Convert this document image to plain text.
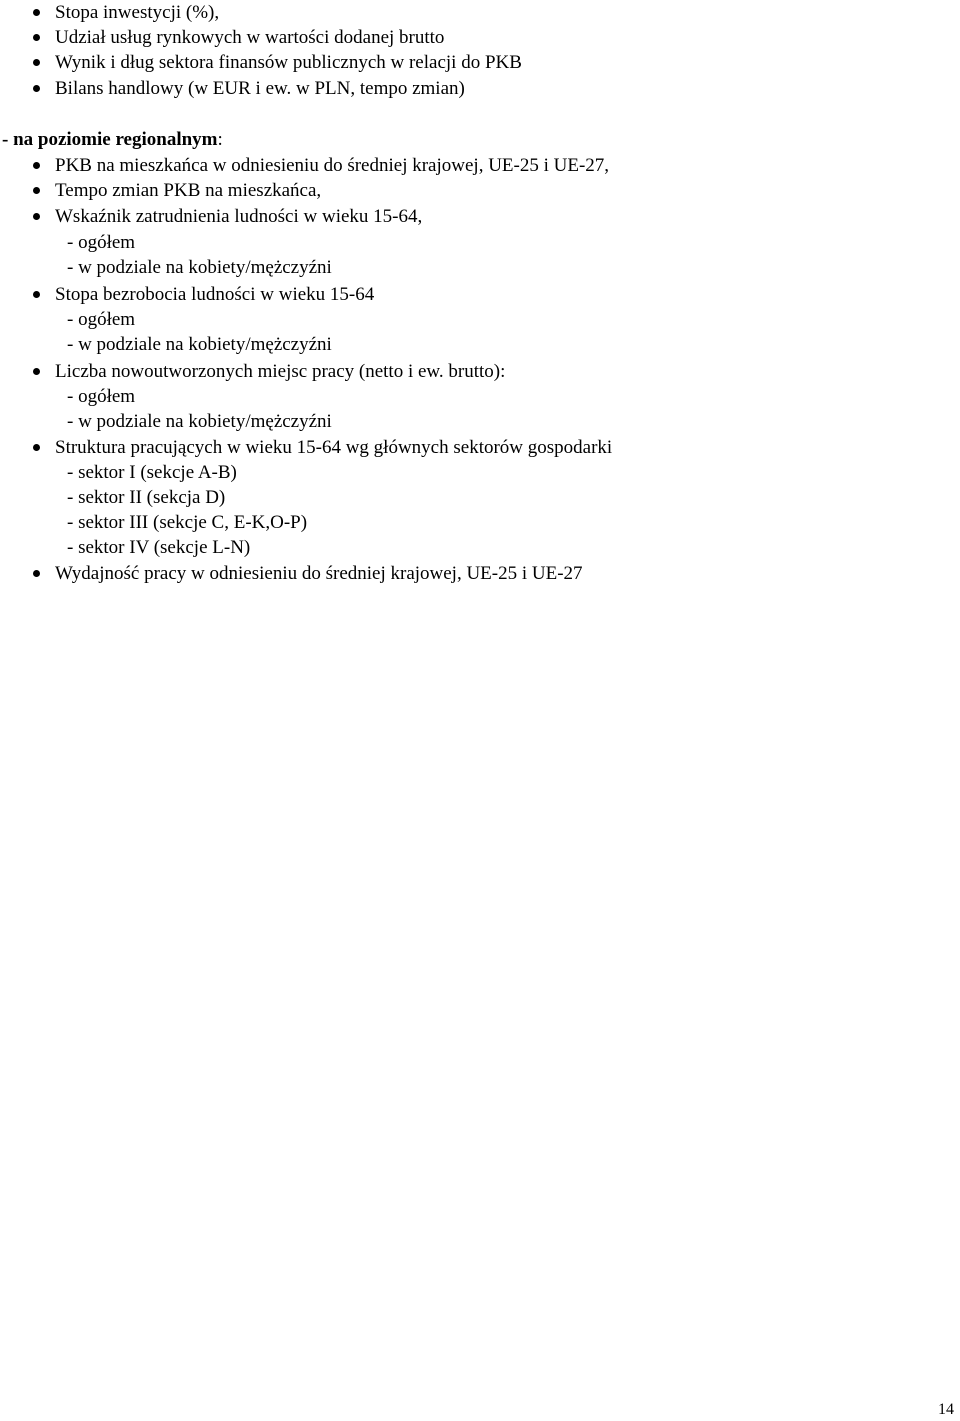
Stopa inwestycji (%),
Udział usług rynkowych w wartości dodanej brutto
Wynik i dług sektora finansów publicznych w relacji do PKB
Bilans handlowy (w EUR i ew. w PLN, tempo zmian)
- na poziomie regionalnym:
PKB na mieszkańca w odniesieniu do średniej krajowej, UE-25 i UE-27,
Tempo zmian PKB na mieszkańca,
Wskaźnik zatrudnienia ludności w wieku 15-64,
- ogółem
- w podziale na kobiety/mężczyźni
Stopa bezrobocia ludności w wieku 15-64
- ogółem
- w podziale na kobiety/mężczyźni
Liczba nowoutworzonych miejsc pracy (netto i ew. brutto):
- ogółem
- w podziale na kobiety/mężczyźni
Struktura pracujących w wieku 15-64 wg głównych sektorów gospodarki
- sektor I (sekcje A-B)
- sektor II (sekcja D)
- sektor III (sekcje C, E-K,O-P)
- sektor IV (sekcje L-N)
Wydajność pracy w odniesieniu do średniej krajowej, UE-25 i UE-27
14
